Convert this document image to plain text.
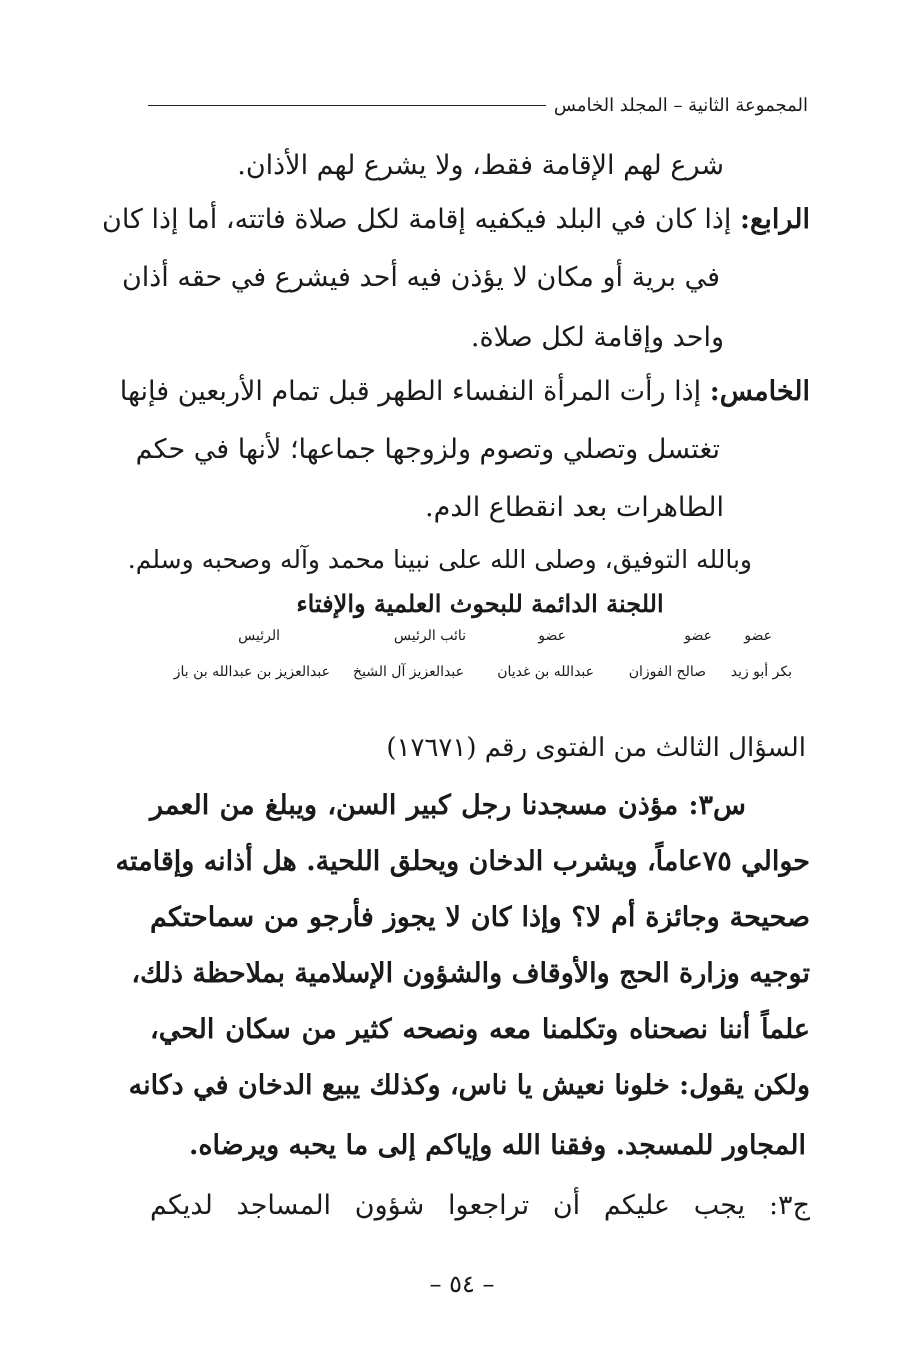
المجموعة الثانية – المجلد الخامس
شرع لهم الإقامة فقط، ولا يشرع لهم الأذان.
الرابع: إذا كان في البلد فيكفيه إقامة لكل صلاة فاتته، أما إذا كان
في برية أو مكان لا يؤذن فيه أحد فيشرع في حقه أذان
واحد وإقامة لكل صلاة.
الخامس: إذا رأت المرأة النفساء الطهر قبل تمام الأربعين فإنها
تغتسل وتصلي وتصوم ولزوجها جماعها؛ لأنها في حكم
الطاهرات بعد انقطاع الدم.
وبالله التوفيق، وصلى الله على نبينا محمد وآله وصحبه وسلم.
اللجنة الدائمة للبحوث العلمية والإفتاء
عضو
عضو
عضو
نائب الرئيس
الرئيس
بكر أبو زيد
صالح الفوزان
عبدالله بن غديان
عبدالعزيز آل الشيخ
عبدالعزيز بن عبدالله بن باز
السؤال الثالث من الفتوى رقم (١٧٦٧١)
س٣: مؤذن مسجدنا رجل كبير السن، ويبلغ من العمر
حوالي ٧٥عاماً، ويشرب الدخان ويحلق اللحية. هل أذانه وإقامته
صحيحة وجائزة أم لا؟ وإذا كان لا يجوز فأرجو من سماحتكم
توجيه وزارة الحج والأوقاف والشؤون الإسلامية بملاحظة ذلك،
علماً أننا نصحناه وتكلمنا معه ونصحه كثير من سكان الحي،
ولكن يقول: خلونا نعيش يا ناس، وكذلك يبيع الدخان في دكانه
المجاور للمسجد. وفقنا الله وإياكم إلى ما يحبه ويرضاه.
ج٣: يجب عليكم أن تراجعوا شؤون المساجد لديكم
– ٥٤ –
